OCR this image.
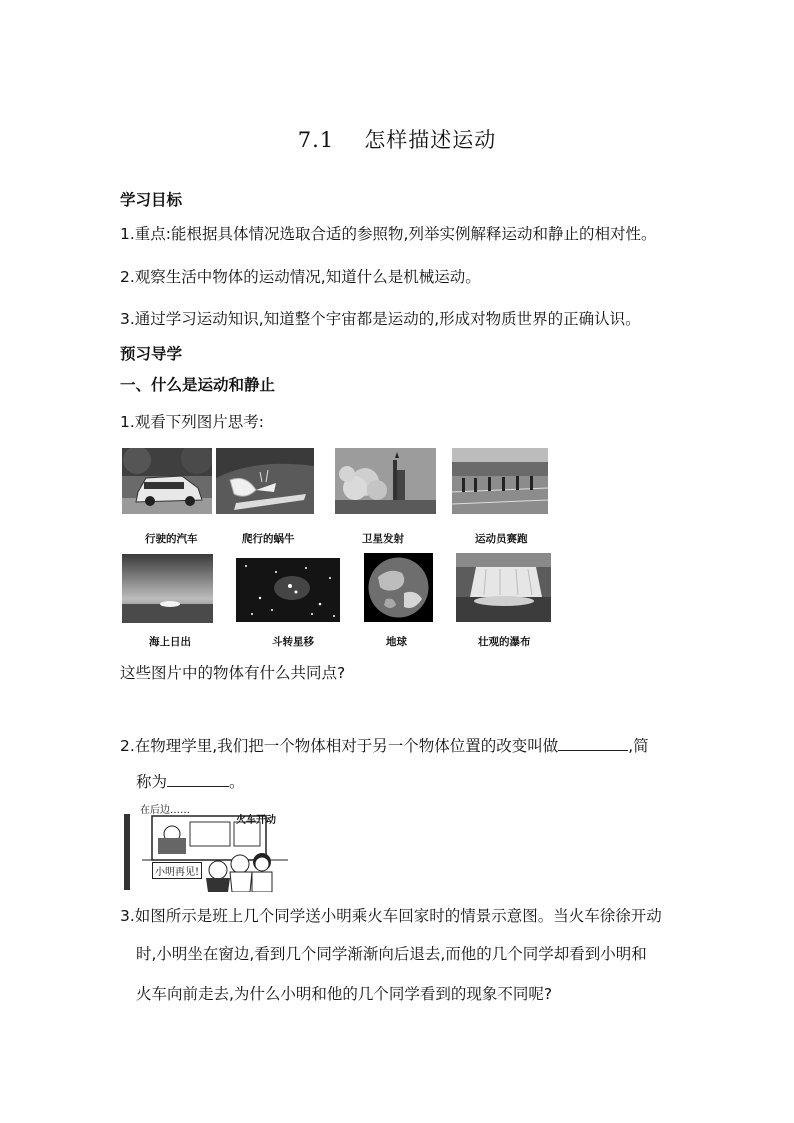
7.1 怎样描述运动
学习目标
1.重点:能根据具体情况选取合适的参照物,列举实例解释运动和静止的相对性。
2.观察生活中物体的运动情况,知道什么是机械运动。
3.通过学习运动知识,知道整个宇宙都是运动的,形成对物质世界的正确认识。
预习导学
一、什么是运动和静止
1.观看下列图片思考:
行驶的汽车	爬行的蜗牛	卫星发射	运动员赛跑
海上日出	斗转星移	地球	壮观的瀑布
这些图片中的物体有什么共同点?
2.在物理学里,我们把一个物体相对于另一个物体位置的改变叫做	,简
称为	。
在后边……
火车开动
小明再见!
3.如图所示是班上几个同学送小明乘火车回家时的情景示意图。当火车徐徐开动
时,小明坐在窗边,看到几个同学渐渐向后退去,而他的几个同学却看到小明和
火车向前走去,为什么小明和他的几个同学看到的现象不同呢?
